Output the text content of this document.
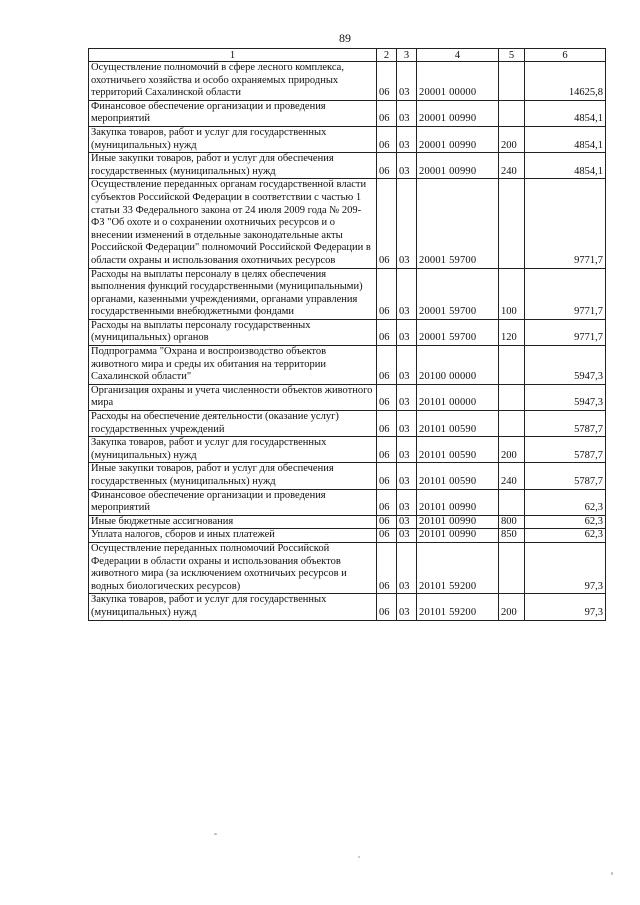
89
1	2	3	4	5	6
Осуществление полномочий в сфере лесного комплекса, охотничьего хозяйства и особо охраняемых природных территорий Сахалинской области	06	03	20001 00000		14625,8
Финансовое обеспечение организации и проведения мероприятий	06	03	20001 00990		4854,1
Закупка товаров, работ и услуг для государственных (муниципальных) нужд	06	03	20001 00990	200	4854,1
Иные закупки товаров, работ и услуг для обеспечения государственных (муниципальных) нужд	06	03	20001 00990	240	4854,1
Осуществление переданных органам государственной власти субъектов Российской Федерации в соответствии с частью 1 статьи 33 Федерального закона от 24 июля 2009 года № 209-ФЗ "Об охоте и о сохранении охотничьих ресурсов и о внесении изменений в отдельные законодательные акты Российской Федерации" полномочий Российской Федерации в области охраны и использования охотничьих ресурсов	06	03	20001 59700		9771,7
Расходы на выплаты персоналу в целях обеспечения выполнения функций государственными (муниципальными) органами, казенными учреждениями, органами управления государственными внебюджетными фондами	06	03	20001 59700	100	9771,7
Расходы на выплаты персоналу государственных (муниципальных) органов	06	03	20001 59700	120	9771,7
Подпрограмма "Охрана и воспроизводство объектов животного мира и среды их обитания на территории Сахалинской области"	06	03	20100 00000		5947,3
Организация охраны и учета численности объектов животного мира	06	03	20101 00000		5947,3
Расходы на обеспечение деятельности (оказание услуг) государственных учреждений	06	03	20101 00590		5787,7
Закупка товаров, работ и услуг для государственных (муниципальных) нужд	06	03	20101 00590	200	5787,7
Иные закупки товаров, работ и услуг для обеспечения государственных (муниципальных) нужд	06	03	20101 00590	240	5787,7
Финансовое обеспечение организации и проведения мероприятий	06	03	20101 00990		62,3
Иные бюджетные ассигнования	06	03	20101 00990	800	62,3
Уплата налогов, сборов и иных платежей	06	03	20101 00990	850	62,3
Осуществление переданных полномочий Российской Федерации в области охраны и использования объектов животного мира (за исключением охотничьих ресурсов и водных биологических ресурсов)	06	03	20101 59200		97,3
Закупка товаров, работ и услуг для государственных (муниципальных) нужд	06	03	20101 59200	200	97,3
